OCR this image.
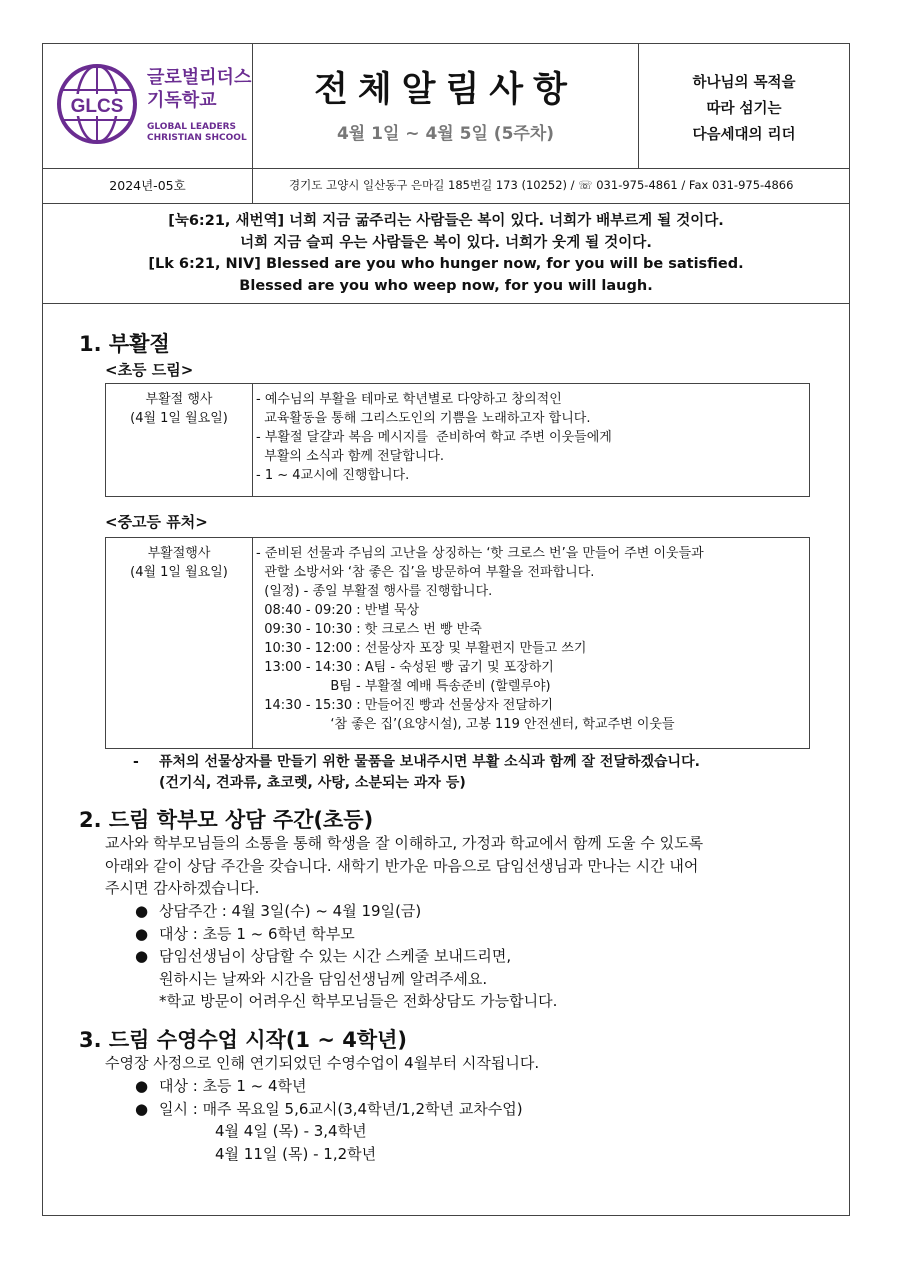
GLCS
글로벌리더스
기독학교
GLOBAL LEADERS
CHRISTIAN SHCOOL
전체알림사항
4월 1일 ~ 4월 5일 (5주차)
하나님의 목적을
따라 섬기는
다음세대의 리더
2024년-05호	경기도 고양시 일산동구 은마길 185번길 173 (10252) / ☏ 031-975-4861 / Fax 031-975-4866
[눅6:21, 새번역] 너희 지금 굶주리는 사람들은 복이 있다. 너희가 배부르게 될 것이다.
너희 지금 슬피 우는 사람들은 복이 있다. 너희가 웃게 될 것이다.
[Lk 6:21, NIV] Blessed are you who hunger now, for you will be satisfied.
Blessed are you who weep now, for you will laugh.
1. 부활절
<초등 드림>
부활절 행사
(4월 1일 월요일)
- 예수님의 부활을 테마로 학년별로 다양하고 창의적인
교육활동을 통해 그리스도인의 기쁨을 노래하고자 합니다.
- 부활절 달걀과 복음 메시지를  준비하여 학교 주변 이웃들에게
부활의 소식과 함께 전달합니다.
- 1 ~ 4교시에 진행합니다.
<중고등 퓨처>
부활절행사
(4월 1일 월요일)
- 준비된 선물과 주님의 고난을 상징하는 ‘핫 크로스 번’을 만들어 주변 이웃들과
관할 소방서와 ‘참 좋은 집’을 방문하여 부활을 전파합니다.
(일정) - 종일 부활절 행사를 진행합니다.
08:40 - 09:20 : 반별 묵상
09:30 - 10:30 : 핫 크로스 번 빵 반죽
10:30 - 12:00 : 선물상자 포장 및 부활편지 만들고 쓰기
13:00 - 14:30 : A팀 - 숙성된 빵 굽기 및 포장하기
B팀 - 부활절 예배 특송준비 (할렐루야)
14:30 - 15:30 : 만들어진 빵과 선물상자 전달하기
‘참 좋은 집’(요양시설), 고봉 119 안전센터, 학교주변 이웃들
-	퓨처의 선물상자를 만들기 위한 물품을 보내주시면 부활 소식과 함께 잘 전달하겠습니다.
(건기식, 견과류, 쵸코렛, 사탕, 소분되는 과자 등)
2. 드림 학부모 상담 주간(초등)
교사와 학부모님들의 소통을 통해 학생을 잘 이해하고, 가정과 학교에서 함께 도울 수 있도록
아래와 같이 상담 주간을 갖습니다. 새학기 반가운 마음으로 담임선생님과 만나는 시간 내어
주시면 감사하겠습니다.
● 상담주간 : 4월 3일(수) ~ 4월 19일(금)
● 대상 : 초등 1 ~ 6학년 학부모
● 담임선생님이 상담할 수 있는 시간 스케줄 보내드리면,
원하시는 날짜와 시간을 담임선생님께 알려주세요.
*학교 방문이 어려우신 학부모님들은 전화상담도 가능합니다.
3. 드림 수영수업 시작(1 ~ 4학년)
수영장 사정으로 인해 연기되었던 수영수업이 4월부터 시작됩니다.
● 대상 : 초등 1 ~ 4학년
● 일시 : 매주 목요일 5,6교시(3,4학년/1,2학년 교차수업)
4월 4일 (목) - 3,4학년
4월 11일 (목) - 1,2학년
